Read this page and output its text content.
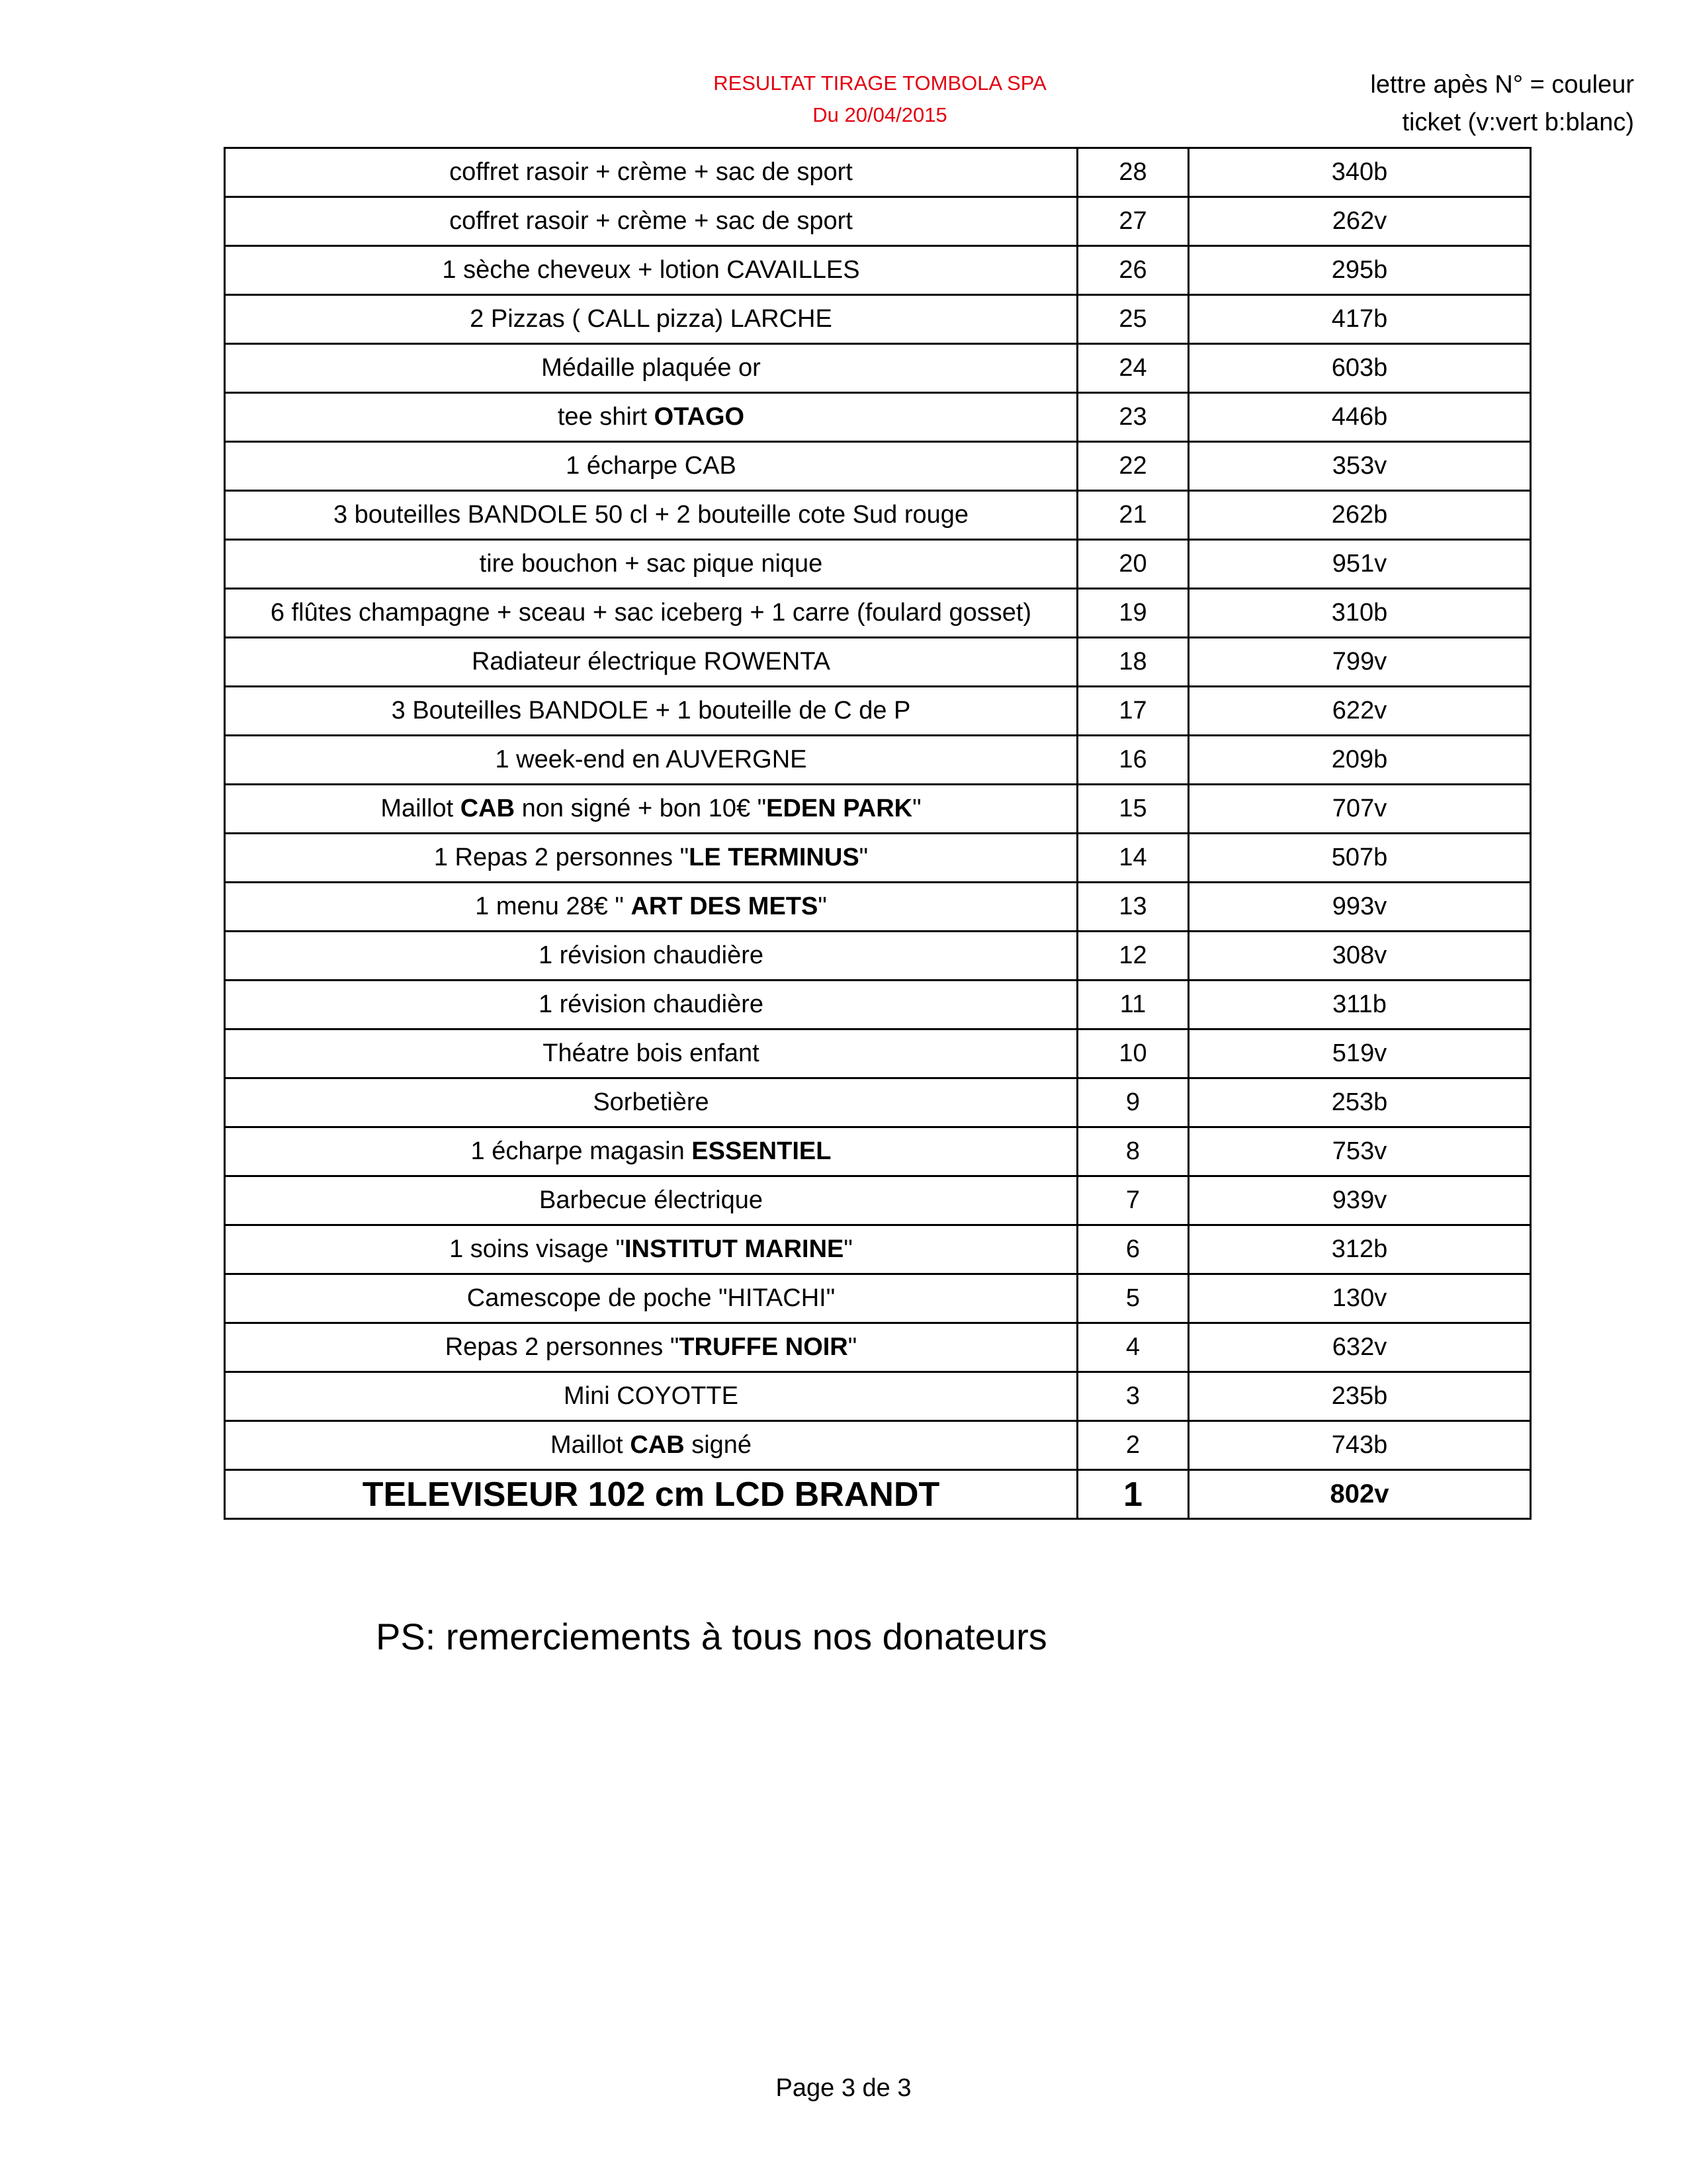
RESULTAT TIRAGE TOMBOLA SPA
Du 20/04/2015
lettre apès N° = couleur
ticket (v:vert b:blanc)
coffret rasoir + crème + sac de sport	28	340b
coffret rasoir + crème + sac de sport	27	262v
1 sèche cheveux + lotion CAVAILLES	26	295b
2 Pizzas ( CALL pizza) LARCHE	25	417b
Médaille plaquée or	24	603b
tee shirt OTAGO	23	446b
1 écharpe CAB	22	353v
3 bouteilles BANDOLE 50 cl + 2 bouteille cote Sud rouge	21	262b
tire bouchon + sac pique nique	20	951v
6 flûtes champagne + sceau + sac iceberg + 1 carre (foulard gosset)	19	310b
Radiateur électrique ROWENTA	18	799v
3 Bouteilles BANDOLE + 1 bouteille de C de P	17	622v
1 week-end en AUVERGNE	16	209b
Maillot CAB non signé + bon 10€ "EDEN PARK"	15	707v
1 Repas 2 personnes "LE TERMINUS"	14	507b
1 menu 28€ " ART DES METS"	13	993v
1 révision chaudière	12	308v
1 révision chaudière	11	311b
Théatre bois enfant	10	519v
Sorbetière	9	253b
1 écharpe magasin ESSENTIEL	8	753v
Barbecue électrique	7	939v
1 soins visage "INSTITUT MARINE"	6	312b
Camescope de poche "HITACHI"	5	130v
Repas 2 personnes "TRUFFE NOIR"	4	632v
Mini COYOTTE	3	235b
Maillot CAB signé	2	743b
TELEVISEUR 102 cm LCD BRANDT	1	802v
PS: remerciements à tous nos donateurs
Page 3 de 3
